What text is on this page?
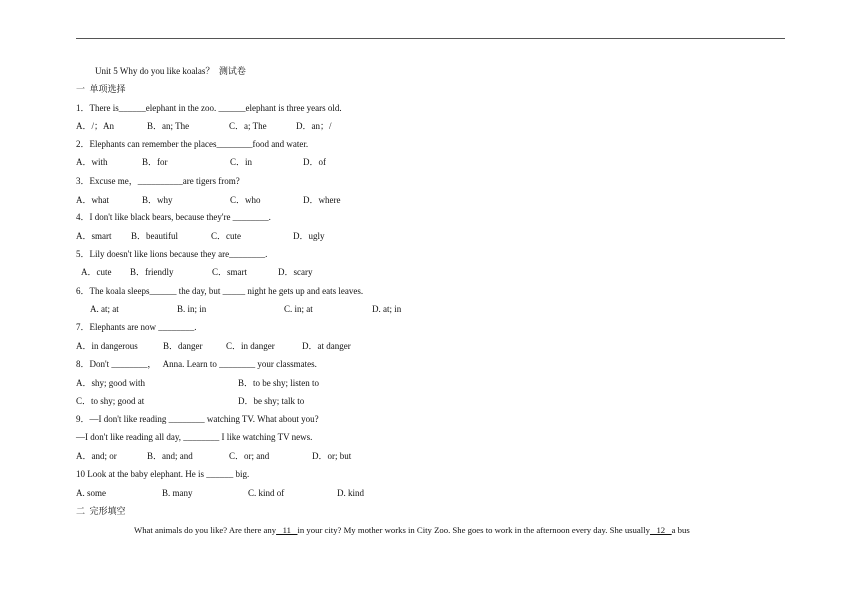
Unit 5 Why do you like koalas？  测试卷
一  单项选择
1．There is______elephant in the zoo. ______elephant is three years old.
A．/；An	B．an; The	C．a; The	D．an；/
2．Elephants can remember the places________food and water.
A．with	B．for	C．in	D．of
3．Excuse me，__________are tigers from?
A．what	B．why	C．who	D．where
4．I don't like black bears, because they're ________.
A．smart B．beautiful	C．cute	D．ugly
5．Lily doesn't like lions because they are________.
A．cute B．friendly	C．smart	D．scary
6．The koala sleeps______ the day, but _____ night he gets up and eats leaves.
A. at; at	B. in; in	C. in; at	D. at; in
7．Elephants are now ________.
A．in dangerous	B．danger	C．in danger	D．at danger
8．Don't ________，   Anna. Learn to ________ your classmates.
A．shy; good with	B．to be shy; listen to
C．to shy; good at	D．be shy; talk to
9．—I don't like reading ________ watching TV. What about you?
—I don't like reading all day, ________ I like watching TV news.
A．and; or	B．and; and	C．or; and	D．or; but
10 Look at the baby elephant. He is ______ big.
A. some	B. many	C. kind of	D. kind
二  完形填空
What animals do you like? Are there any   11   in your city? My mother works in City Zoo. She goes to work in the afternoon every day. She usually   12   a bus
